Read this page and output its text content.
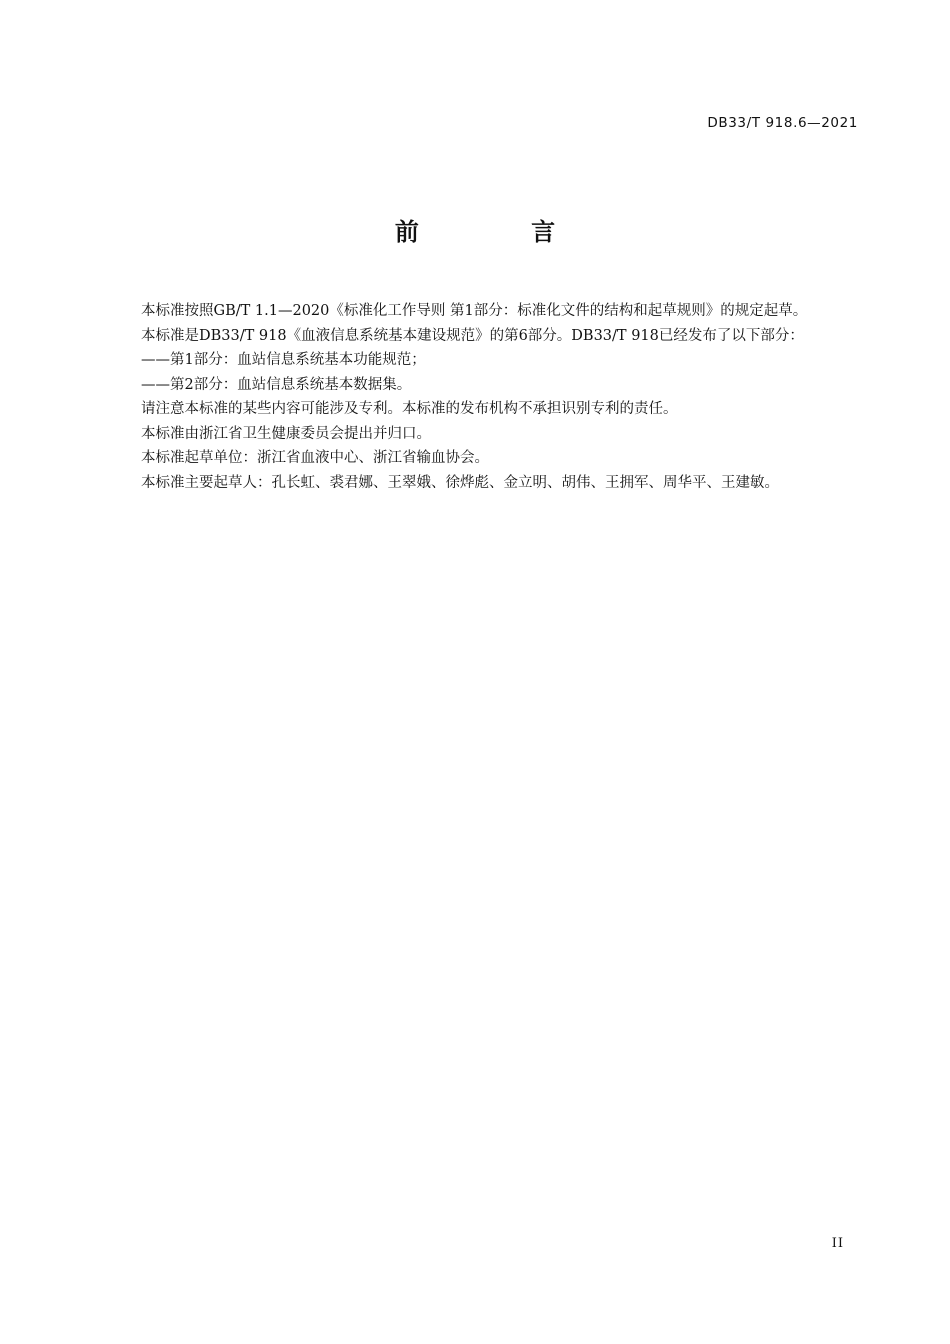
DB33/T 918.6—2021
前 言

本标准按照GB/T 1.1—2020《标准化工作导则 第1部分：标准化文件的结构和起草规则》的规定起草。

本标准是DB33/T 918《血液信息系统基本建设规范》的第6部分。DB33/T 918已经发布了以下部分：

——第1部分：血站信息系统基本功能规范；

——第2部分：血站信息系统基本数据集。

请注意本标准的某些内容可能涉及专利。本标准的发布机构不承担识别专利的责任。

本标准由浙江省卫生健康委员会提出并归口。

本标准起草单位：浙江省血液中心、浙江省输血协会。

本标准主要起草人：孔长虹、裘君娜、王翠娥、徐烨彪、金立明、胡伟、王拥军、周华平、王建敏。

II
